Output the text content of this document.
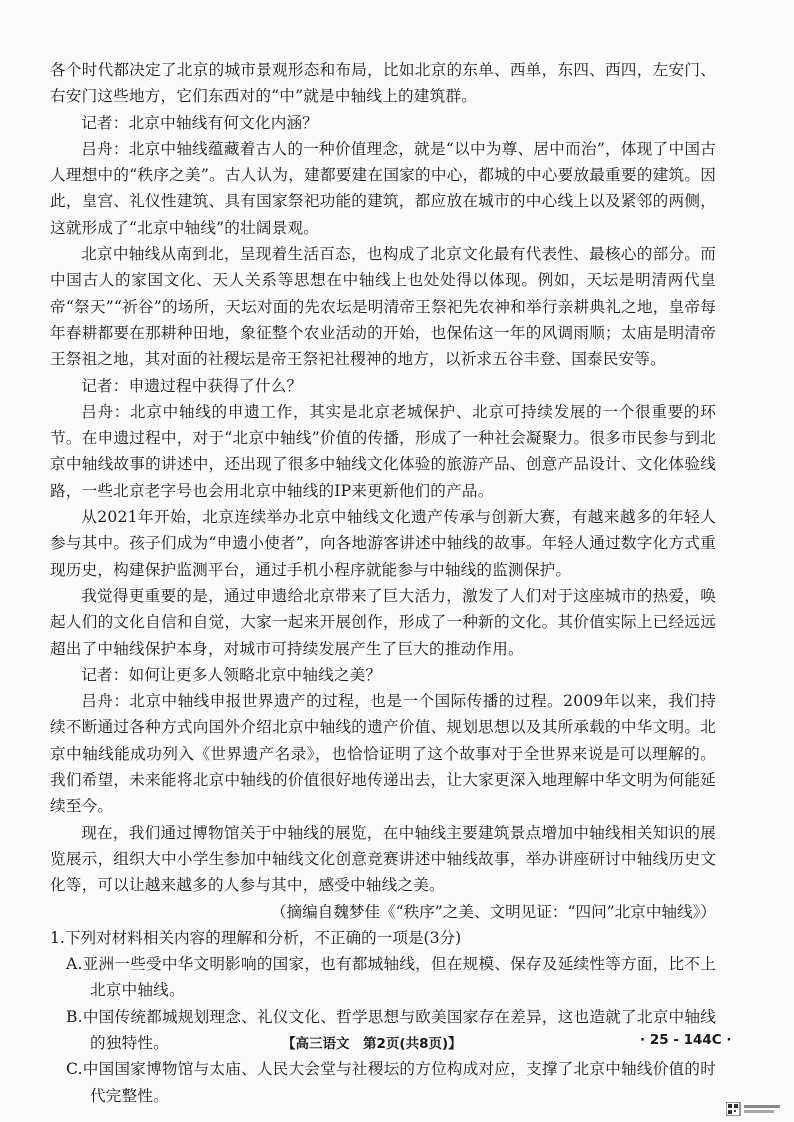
各个时代都决定了北京的城市景观形态和布局，比如北京的东单、西单，东四、西四，左安门、右安门这些地方，它们东西对的“中”就是中轴线上的建筑群。

记者：北京中轴线有何文化内涵？

吕舟：北京中轴线蕴藏着古人的一种价值理念，就是“以中为尊、居中而治”，体现了中国古人理想中的“秩序之美”。古人认为，建都要建在国家的中心，都城的中心要放最重要的建筑。因此，皇宫、礼仪性建筑、具有国家祭祀功能的建筑，都应放在城市的中心线上以及紧邻的两侧，这就形成了“北京中轴线”的壮阔景观。

北京中轴线从南到北，呈现着生活百态，也构成了北京文化最有代表性、最核心的部分。而中国古人的家国文化、天人关系等思想在中轴线上也处处得以体现。例如，天坛是明清两代皇帝“祭天”“祈谷”的场所，天坛对面的先农坛是明清帝王祭祀先农神和举行亲耕典礼之地，皇帝每年春耕都要在那耕种田地，象征整个农业活动的开始，也保佑这一年的风调雨顺；太庙是明清帝王祭祖之地，其对面的社稷坛是帝王祭祀社稷神的地方，以祈求五谷丰登、国泰民安等。

记者：申遗过程中获得了什么？

吕舟：北京中轴线的申遗工作，其实是北京老城保护、北京可持续发展的一个很重要的环节。在申遗过程中，对于“北京中轴线”价值的传播，形成了一种社会凝聚力。很多市民参与到北京中轴线故事的讲述中，还出现了很多中轴线文化体验的旅游产品、创意产品设计、文化体验线路，一些北京老字号也会用北京中轴线的IP来更新他们的产品。

从2021年开始，北京连续举办北京中轴线文化遗产传承与创新大赛，有越来越多的年轻人参与其中。孩子们成为“申遗小使者”，向各地游客讲述中轴线的故事。年轻人通过数字化方式重现历史，构建保护监测平台，通过手机小程序就能参与中轴线的监测保护。

我觉得更重要的是，通过申遗给北京带来了巨大活力，激发了人们对于这座城市的热爱，唤起人们的文化自信和自觉，大家一起来开展创作，形成了一种新的文化。其价值实际上已经远远超出了中轴线保护本身，对城市可持续发展产生了巨大的推动作用。

记者：如何让更多人领略北京中轴线之美？

吕舟：北京中轴线申报世界遗产的过程，也是一个国际传播的过程。2009年以来，我们持续不断通过各种方式向国外介绍北京中轴线的遗产价值、规划思想以及其所承载的中华文明。北京中轴线能成功列入《世界遗产名录》，也恰恰证明了这个故事对于全世界来说是可以理解的。我们希望，未来能将北京中轴线的价值很好地传递出去，让大家更深入地理解中华文明为何能延续至今。

现在，我们通过博物馆关于中轴线的展览，在中轴线主要建筑景点增加中轴线相关知识的展览展示，组织大中小学生参加中轴线文化创意竞赛讲述中轴线故事，举办讲座研讨中轴线历史文化等，可以让越来越多的人参与其中，感受中轴线之美。

（摘编自魏梦佳《“秩序”之美、文明见证：“四问”北京中轴线》）

1.下列对材料相关内容的理解和分析，不正确的一项是(3分)

A.亚洲一些受中华文明影响的国家，也有都城轴线，但在规模、保存及延续性等方面，比不上北京中轴线。

B.中国传统都城规划理念、礼仪文化、哲学思想与欧美国家存在差异，这也造就了北京中轴线的独特性。

C.中国国家博物馆与太庙、人民大会堂与社稷坛的方位构成对应，支撑了北京中轴线价值的时代完整性。

【高三语文　第2页(共8页)】	· 25 - 144C ·
